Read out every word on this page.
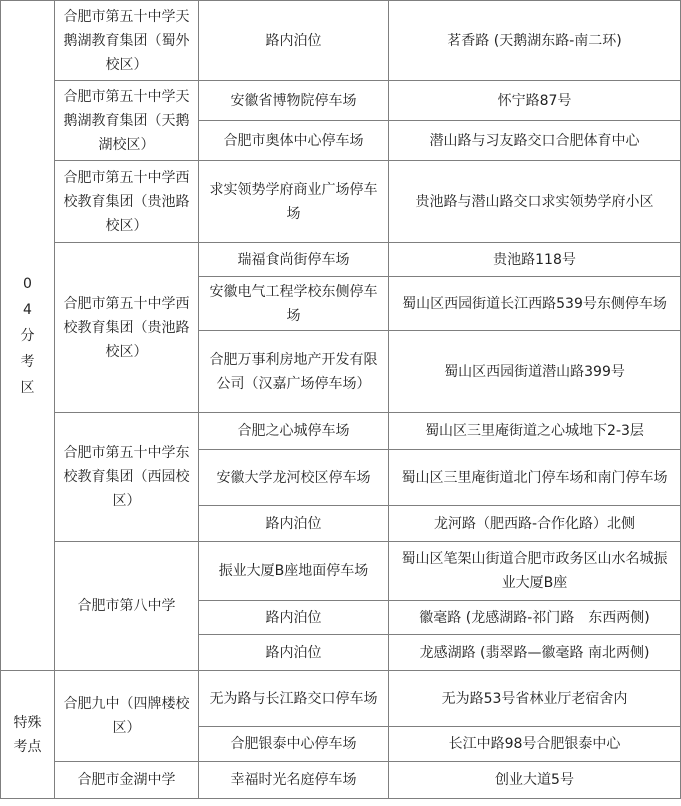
04分考区	合肥市第五十中学天鹅湖教育集团（蜀外校区）	路内泊位	茗香路 (天鹅湖东路-南二环)
	合肥市第五十中学天鹅湖教育集团（天鹅湖校区）	安徽省博物院停车场	怀宁路87号
		合肥市奥体中心停车场	潜山路与习友路交口合肥体育中心
	合肥市第五十中学西校教育集团（贵池路校区）	求实领势学府商业广场停车场	贵池路与潜山路交口求实领势学府小区
	合肥市第五十中学西校教育集团（贵池路校区）	瑞福食尚街停车场	贵池路118号
		安徽电气工程学校东侧停车场	蜀山区西园街道长江西路539号东侧停车场
		合肥万事利房地产开发有限公司（汉嘉广场停车场）	蜀山区西园街道潜山路399号
	合肥市第五十中学东校教育集团（西园校区）	合肥之心城停车场	蜀山区三里庵街道之心城地下2-3层
		安徽大学龙河校区停车场	蜀山区三里庵街道北门停车场和南门停车场
		路内泊位	龙河路（肥西路-合作化路）北侧
	合肥市第八中学	振业大厦B座地面停车场	蜀山区笔架山街道合肥市政务区山水名城振业大厦B座
		路内泊位	徽毫路 (龙感湖路-祁门路　东西两侧)
		路内泊位	龙感湖路 (翡翠路—徽毫路 南北两侧)

特殊考点	合肥九中（四牌楼校区）	无为路与长江路交口停车场	无为路53号省林业厅老宿舍内
		合肥银泰中心停车场	长江中路98号合肥银泰中心
	合肥市金湖中学	幸福时光名庭停车场	创业大道5号
